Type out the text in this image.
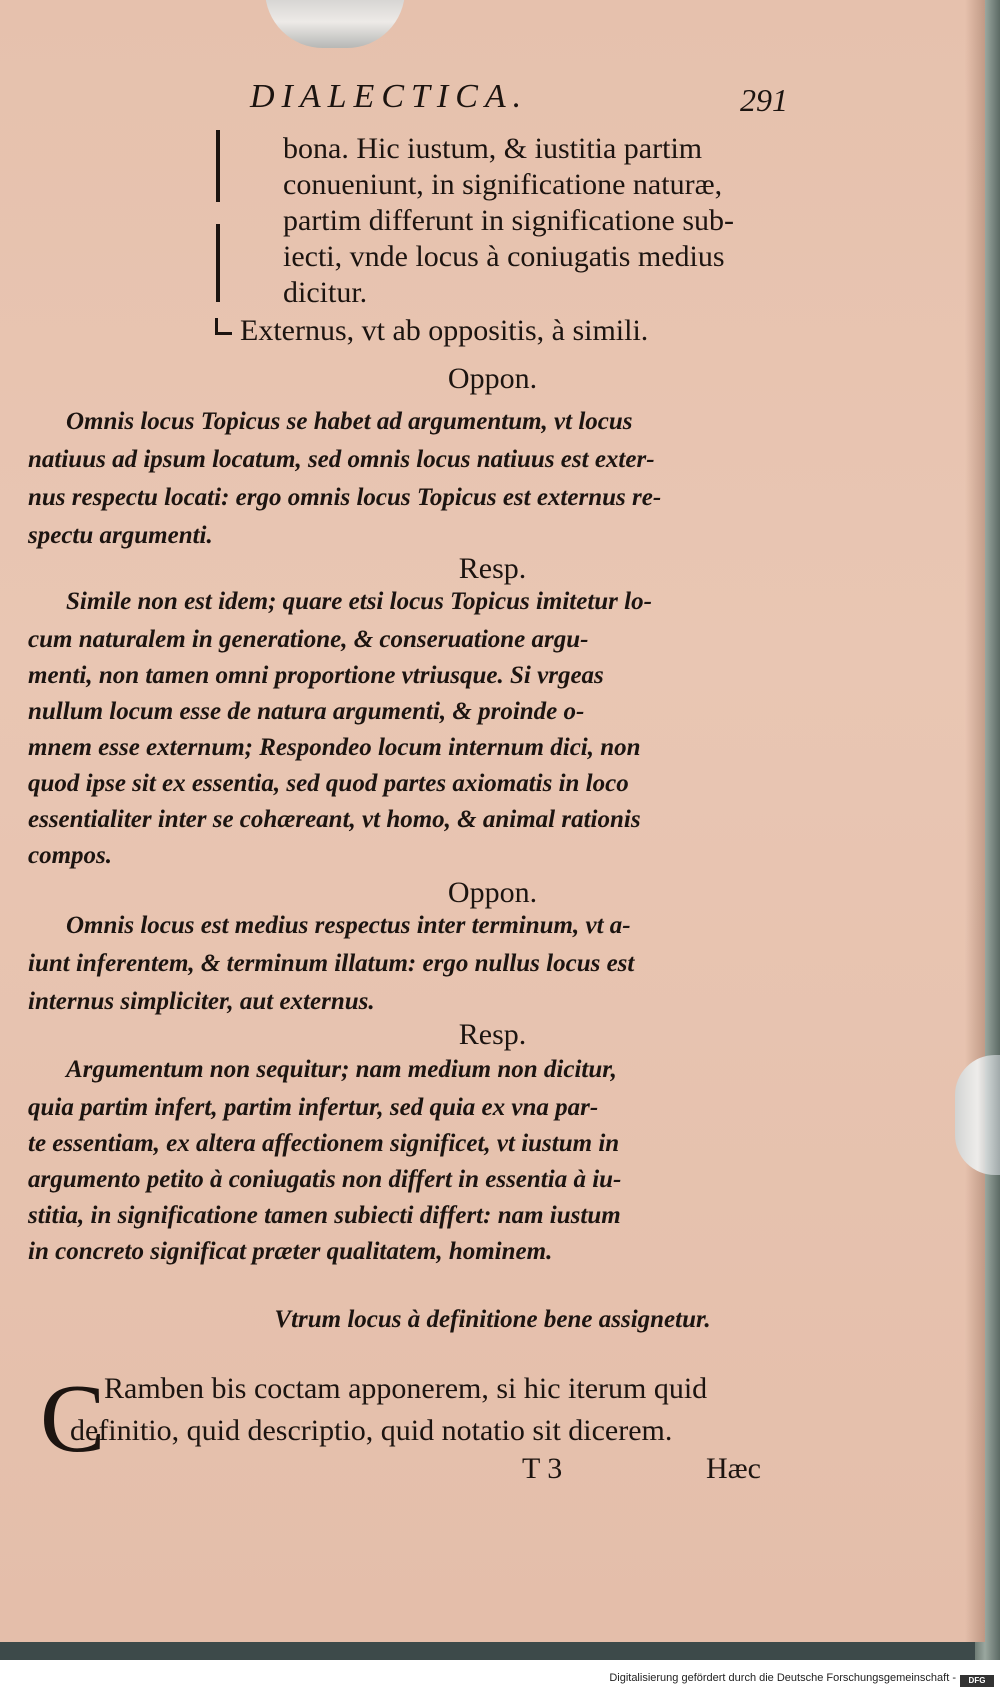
DIALECTICA.	291
bona. Hic iustum, & iustitia partim
conueniunt, in significatione naturæ,
partim differunt in significatione sub-
iecti, vnde locus à coniugatis medius
dicitur.
Externus, vt ab oppositis, à simili.
Oppon.
Omnis locus Topicus se habet ad argumentum, vt locus
natiuus ad ipsum locatum, sed omnis locus natiuus est exter-
nus respectu locati: ergo omnis locus Topicus est externus re-
spectu argumenti.
Resp.
Simile non est idem; quare etsi locus Topicus imitetur lo-
cum naturalem in generatione, & conseruatione argu-
menti, non tamen omni proportione vtriusque. Si vrgeas
nullum locum esse de natura argumenti, & proinde o-
mnem esse externum; Respondeo locum internum dici, non
quod ipse sit ex essentia, sed quod partes axiomatis in loco
essentialiter inter se cohæreant, vt homo, & animal rationis
compos.
Oppon.
Omnis locus est medius respectus inter terminum, vt a-
iunt inferentem, & terminum illatum: ergo nullus locus est
internus simpliciter, aut externus.
Resp.
Argumentum non sequitur; nam medium non dicitur,
quia partim infert, partim infertur, sed quia ex vna par-
te essentiam, ex altera affectionem significet, vt iustum in
argumento petito à coniugatis non differt in essentia à iu-
stitia, in significatione tamen subiecti differt: nam iustum
in concreto significat præter qualitatem, hominem.
Vtrum locus à definitione bene assignetur.
C
Ramben bis coctam apponerem, si hic iterum quid
definitio, quid descriptio, quid notatio sit dicerem.
T 3	Hæc
Digitalisierung gefördert durch die Deutsche Forschungsgemeinschaft -	DFG
